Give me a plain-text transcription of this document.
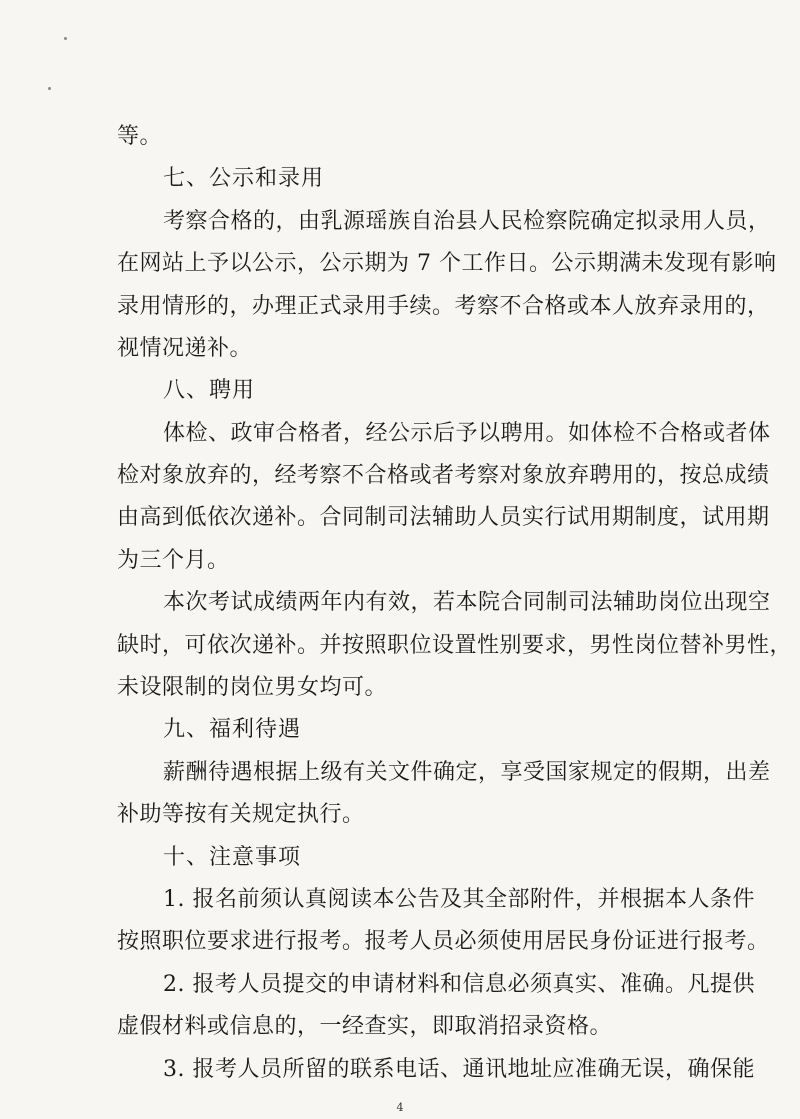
等。
七、公示和录用
考察合格的，由乳源瑶族自治县人民检察院确定拟录用人员，
在网站上予以公示，公示期为 7 个工作日。公示期满未发现有影响
录用情形的，办理正式录用手续。考察不合格或本人放弃录用的，
视情况递补。
八、聘用
体检、政审合格者，经公示后予以聘用。如体检不合格或者体
检对象放弃的，经考察不合格或者考察对象放弃聘用的，按总成绩
由高到低依次递补。合同制司法辅助人员实行试用期制度，试用期
为三个月。
本次考试成绩两年内有效，若本院合同制司法辅助岗位出现空
缺时，可依次递补。并按照职位设置性别要求，男性岗位替补男性，
未设限制的岗位男女均可。
九、福利待遇
薪酬待遇根据上级有关文件确定，享受国家规定的假期，出差
补助等按有关规定执行。
十、注意事项
1. 报名前须认真阅读本公告及其全部附件，并根据本人条件
按照职位要求进行报考。报考人员必须使用居民身份证进行报考。
2. 报考人员提交的申请材料和信息必须真实、准确。凡提供
虚假材料或信息的，一经查实，即取消招录资格。
3. 报考人员所留的联系电话、通讯地址应准确无误，确保能
4
